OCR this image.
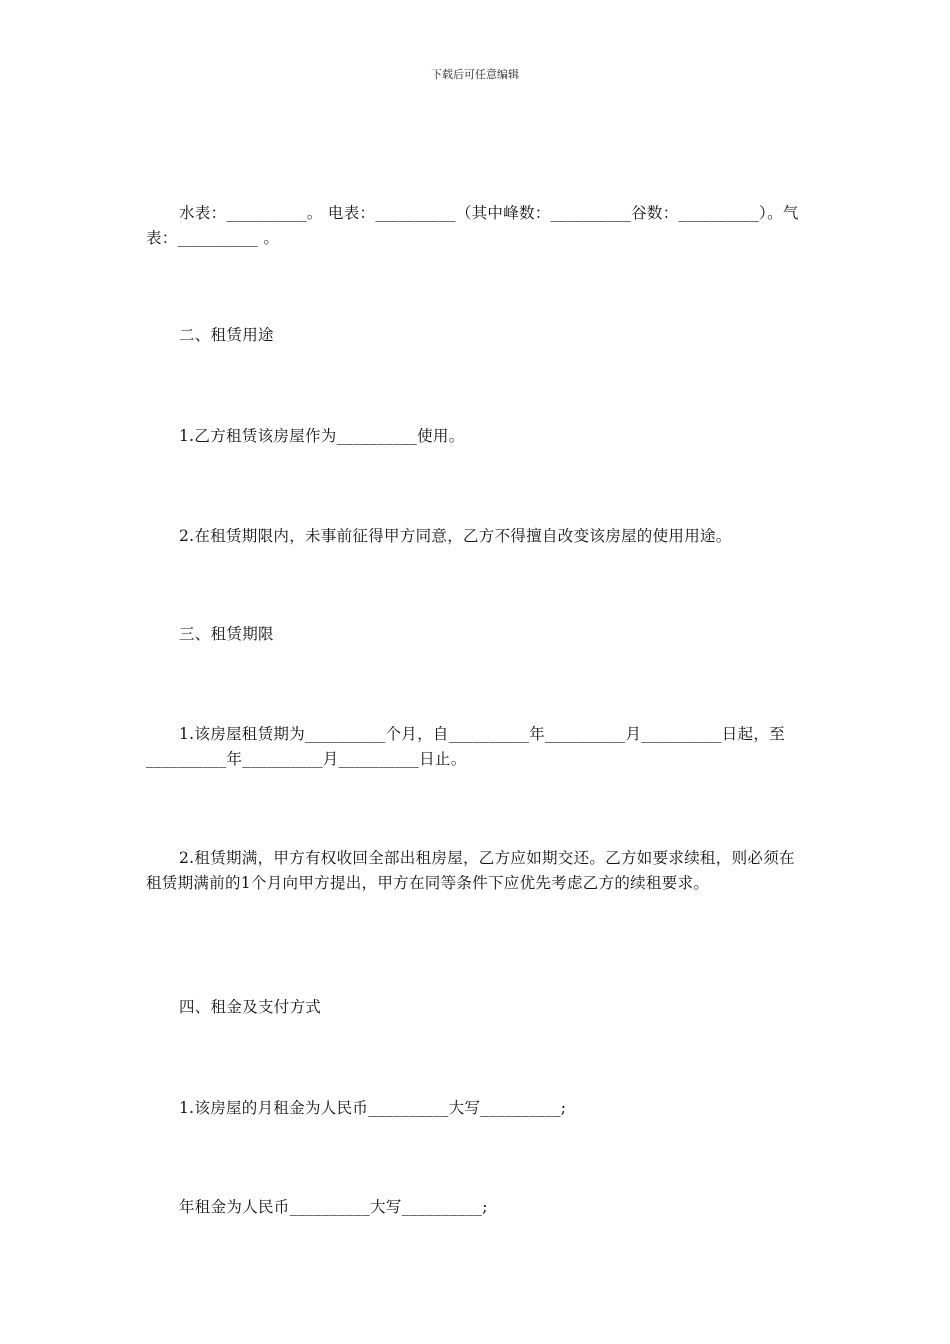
下载后可任意编辑
水表：__________。 电表：__________（其中峰数：__________谷数：__________）。气表：__________ 。
二、租赁用途
1.乙方租赁该房屋作为__________使用。
2.在租赁期限内，未事前征得甲方同意，乙方不得擅自改变该房屋的使用用途。
三、租赁期限
1.该房屋租赁期为__________个月，自__________年__________月__________日起，至__________年__________月__________日止。
2.租赁期满，甲方有权收回全部出租房屋，乙方应如期交还。乙方如要求续租，则必须在租赁期满前的1个月向甲方提出，甲方在同等条件下应优先考虑乙方的续租要求。
四、租金及支付方式
1.该房屋的月租金为人民币__________大写__________;
年租金为人民币__________大写__________;
